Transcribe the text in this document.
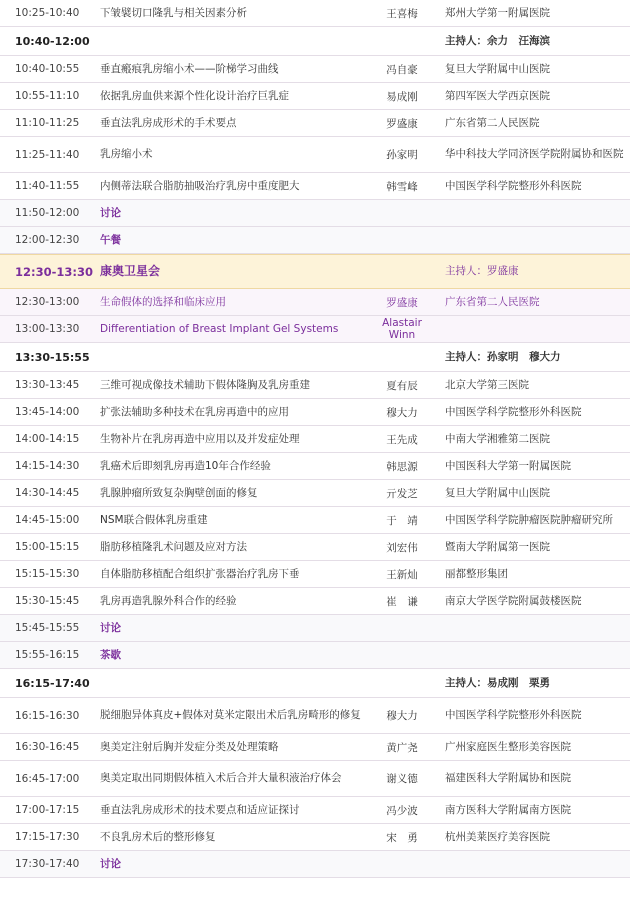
10:25-10:40	下皱襞切口隆乳与相关因素分析	王喜梅	郑州大学第一附属医院
10:40-12:00	主持人：余力　汪海滨
10:40-10:55	垂直瘢痕乳房缩小术——阶梯学习曲线	冯自豪	复旦大学附属中山医院
10:55-11:10	依据乳房血供来源个性化设计治疗巨乳症	易成刚	第四军医大学西京医院
11:10-11:25	垂直法乳房成形术的手术要点	罗盛康	广东省第二人民医院
11:25-11:40	乳房缩小术	孙家明	华中科技大学同济医学院附属协和医院
11:40-11:55	内侧蒂法联合脂肪抽吸治疗乳房中重度肥大	韩雪峰	中国医学科学院整形外科医院
11:50-12:00	讨论
12:00-12:30	午餐
12:30-13:30 康奥卫星会	主持人：罗盛康
12:30-13:00	生命假体的选择和临床应用	罗盛康	广东省第二人民医院
13:00-13:30	Differentiation of Breast Implant Gel Systems	Alastair Winn
13:30-15:55	主持人：孙家明　穆大力
13:30-13:45	三维可视成像技术辅助下假体隆胸及乳房重建	夏有辰	北京大学第三医院
13:45-14:00	扩张法辅助多种技术在乳房再造中的应用	穆大力	中国医学科学院整形外科医院
14:00-14:15	生物补片在乳房再造中应用以及并发症处理	王先成	中南大学湘雅第二医院
14:15-14:30	乳癌术后即刻乳房再造10年合作经验	韩思源	中国医科大学第一附属医院
14:30-14:45	乳腺肿瘤所致复杂胸壁创面的修复	亓发芝	复旦大学附属中山医院
14:45-15:00	NSM联合假体乳房重建	于　靖	中国医学科学院肿瘤医院肿瘤研究所
15:00-15:15	脂肪移植隆乳术问题及应对方法	刘宏伟	暨南大学附属第一医院
15:15-15:30	自体脂肪移植配合组织扩张器治疗乳房下垂	王新灿	丽都整形集团
15:30-15:45	乳房再造乳腺外科合作的经验	崔　谦	南京大学医学院附属鼓楼医院
15:45-15:55	讨论
15:55-16:15	茶歇
16:15-17:40	主持人：易成刚　栗勇
16:15-16:30	脱细胞异体真皮+假体对莫米定限出术后乳房畸形的修复	穆大力	中国医学科学院整形外科医院
16:30-16:45	奥美定注射后胸并发症分类及处理策略	黄广尧	广州家庭医生整形美容医院
16:45-17:00	奥美定取出同期假体植入术后合并大量积液治疗体会	谢义德	福建医科大学附属协和医院
17:00-17:15	垂直法乳房成形术的技术要点和适应证探讨	冯少波	南方医科大学附属南方医院
17:15-17:30	不良乳房术后的整形修复	宋　勇	杭州美莱医疗美容医院
17:30-17:40	讨论
